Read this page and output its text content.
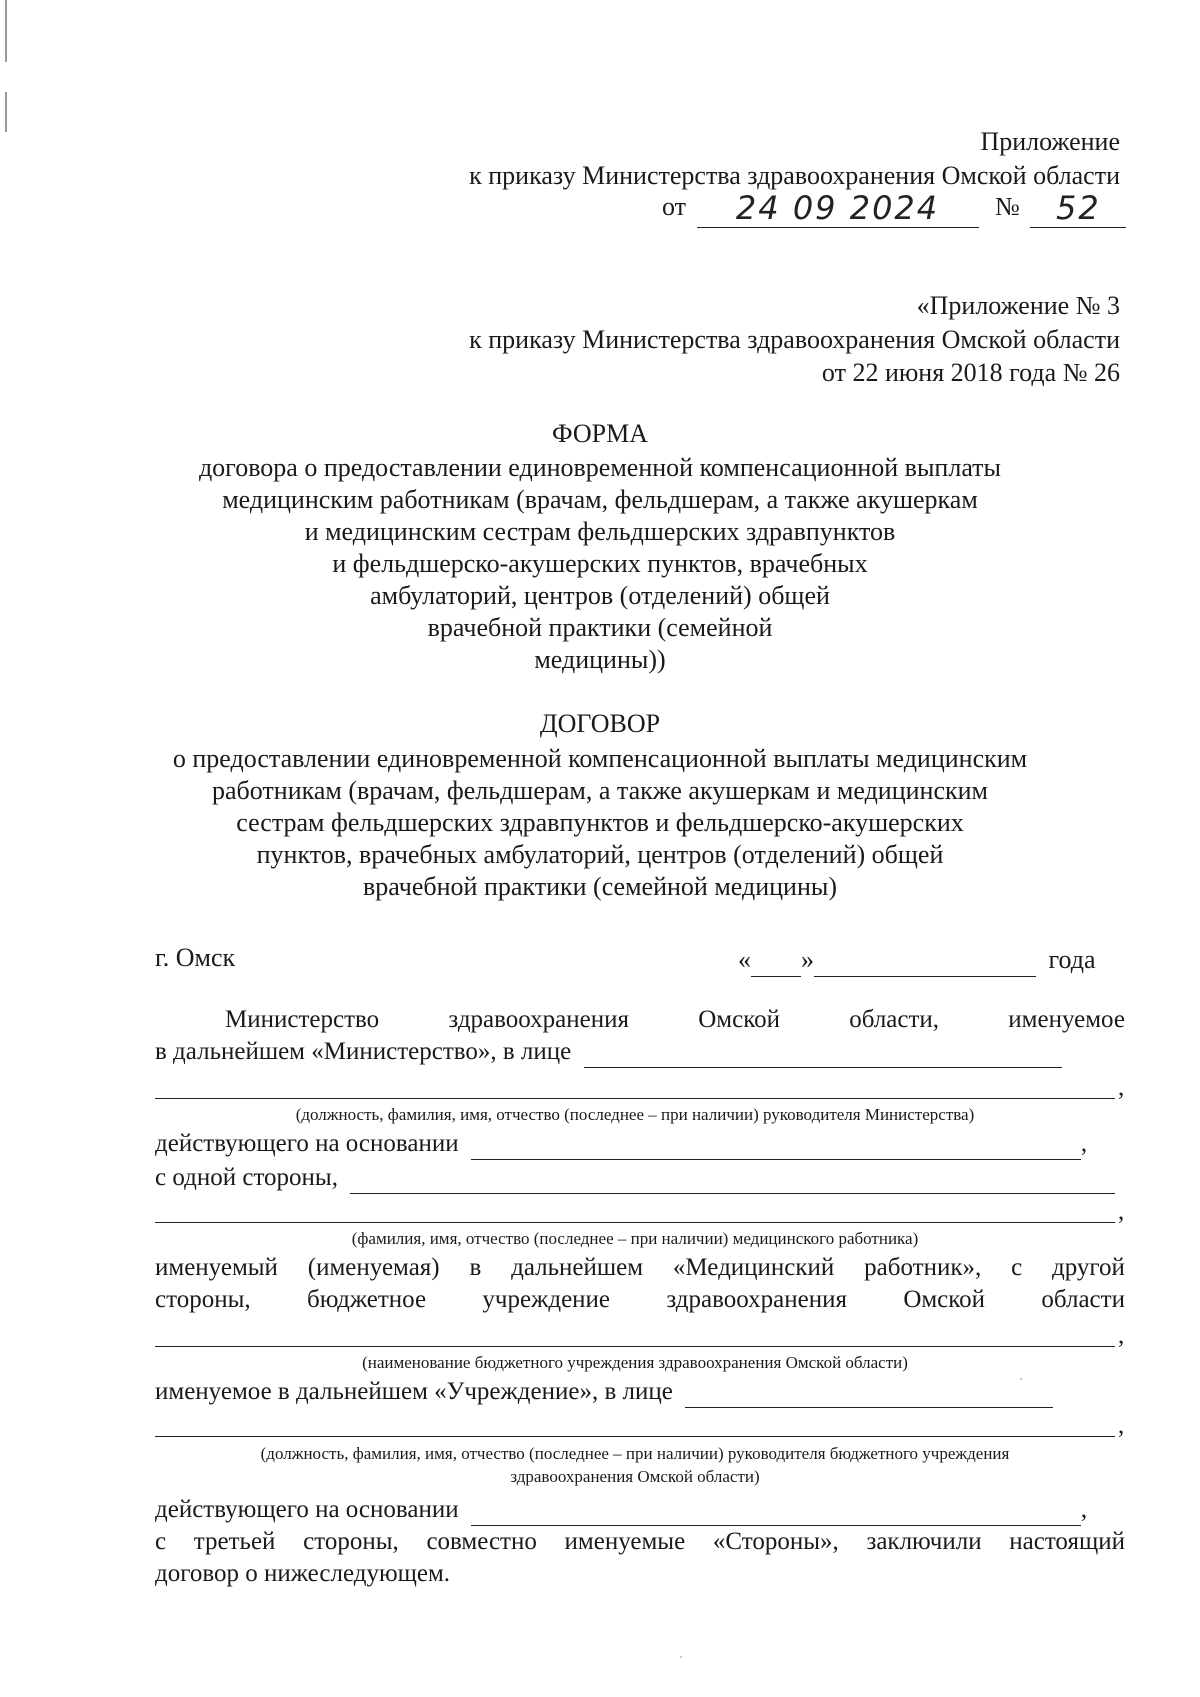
Приложение
к приказу Министерства здравоохранения Омской области
от 24 09 2024 № 52
«Приложение № 3
к приказу Министерства здравоохранения Омской области
от 22 июня 2018 года № 26
ФОРМА
договора о предоставлении единовременной компенсационной выплаты
медицинским работникам (врачам, фельдшерам, а также акушеркам
и медицинским сестрам фельдшерских здравпунктов
и фельдшерско-акушерских пунктов, врачебных
амбулаторий, центров (отделений) общей
врачебной практики (семейной
медицины))
ДОГОВОР
о предоставлении единовременной компенсационной выплаты медицинским
работникам (врачам, фельдшерам, а также акушеркам и медицинским
сестрам фельдшерских здравпунктов и фельдшерско-акушерских
пунктов, врачебных амбулаторий, центров (отделений) общей
врачебной практики (семейной медицины)
г. Омск	« »	года
Министерство	здравоохранения	Омской	области,	именуемое
в дальнейшем «Министерство», в лице
,
(должность, фамилия, имя, отчество (последнее – при наличии) руководителя Министерства)
действующего на основании	,
с одной стороны,
,
(фамилия, имя, отчество (последнее – при наличии) медицинского работника)
именуемый (именуемая) в дальнейшем «Медицинский работник», с другой
стороны, бюджетное учреждение здравоохранения Омской области
,
(наименование бюджетного учреждения здравоохранения Омской области)
именуемое в дальнейшем «Учреждение», в лице
,
(должность, фамилия, имя, отчество (последнее – при наличии) руководителя бюджетного учреждения
здравоохранения Омской области)
действующего на основании	,
с третьей стороны, совместно именуемые «Стороны», заключили настоящий
договор о нижеследующем.
